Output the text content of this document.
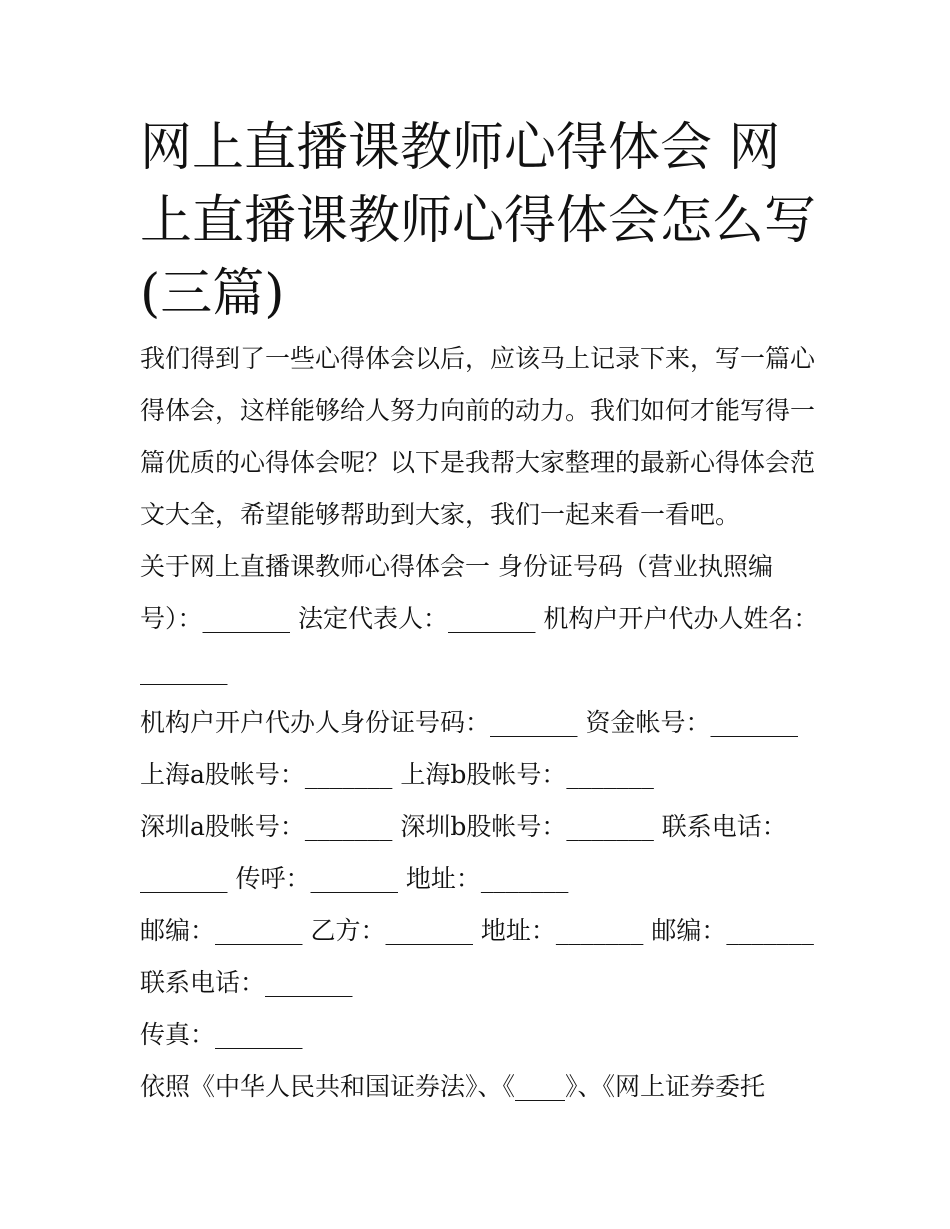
网上直播课教师心得体会 网上直播课教师心得体会怎么写(三篇)

我们得到了一些心得体会以后，应该马上记录下来，写一篇心得体会，这样能够给人努力向前的动力。我们如何才能写得一篇优质的心得体会呢？以下是我帮大家整理的最新心得体会范文大全，希望能够帮助到大家，我们一起来看一看吧。

关于网上直播课教师心得体会一 身份证号码（营业执照编号）：_______ 法定代表人：_______ 机构户开户代办人姓名：_______

机构户开户代办人身份证号码：_______ 资金帐号：_______

上海a股帐号：_______ 上海b股帐号：_______

深圳a股帐号：_______ 深圳b股帐号：_______ 联系电话：_______ 传呼：_______ 地址：_______

邮编：_______ 乙方：_______ 地址：_______ 邮编：_______ 联系电话：_______

传真：_______

依照《中华人民共和国证券法》、《____》、《网上证券委托
